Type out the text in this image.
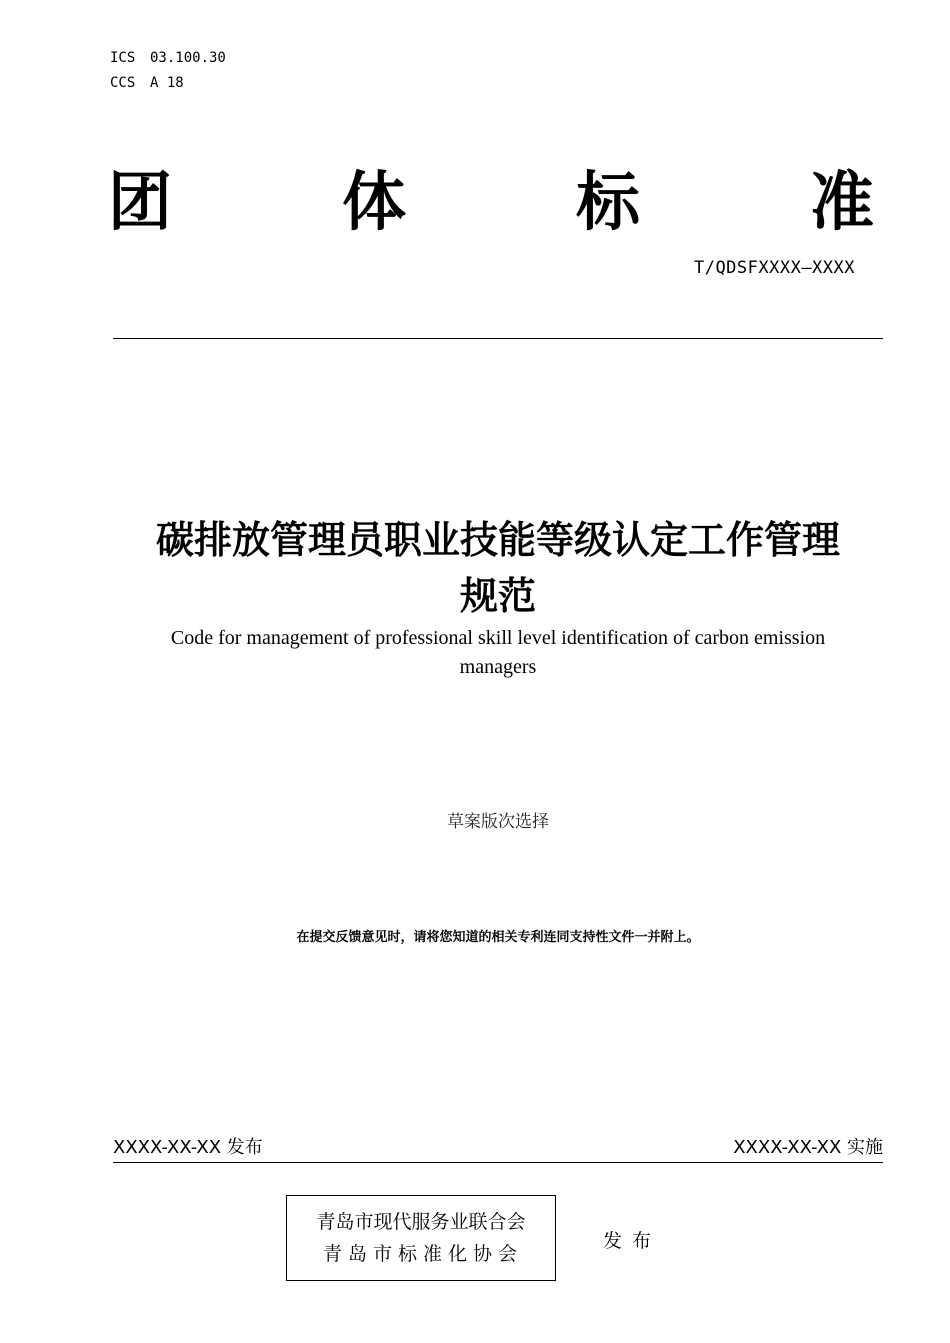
ICS 03.100.30
CCS A 18
团	体	标	准
T/QDSFXXXX—XXXX
碳排放管理员职业技能等级认定工作管理
规范
Code for management of professional skill level identification of carbon emission
managers
草案版次选择
在提交反馈意见时，请将您知道的相关专利连同支持性文件一并附上。
XXXX-XX-XX 发布	XXXX-XX-XX 实施
青岛市现代服务业联合会
青岛市标准化协会
发布
